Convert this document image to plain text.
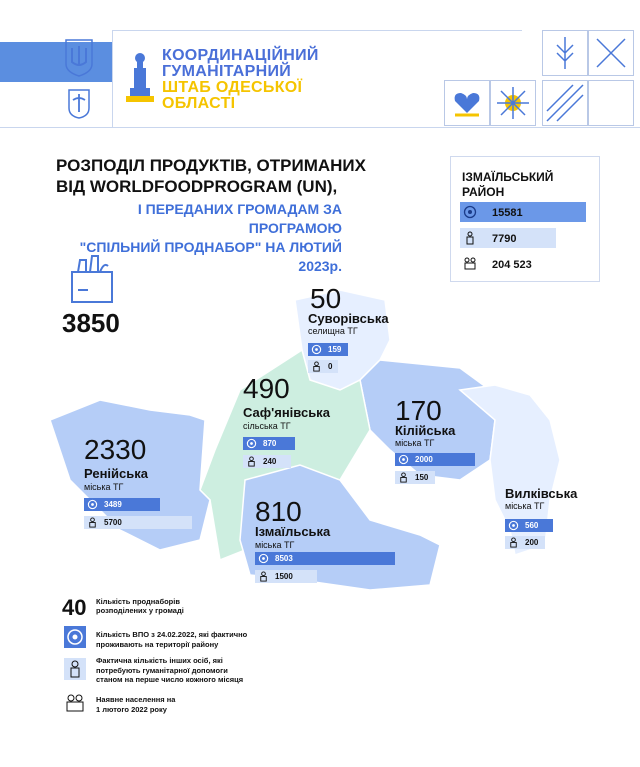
КООРДИНАЦІЙНИЙ
ГУМАНІТАРНИЙ
ШТАБ ОДЕСЬКОЇ
ОБЛАСТІ
РОЗПОДІЛ ПРОДУКТІВ, ОТРИМАНИХ
ВІД WORLDFOODPROGRAM (UN),
І ПЕРЕДАНИХ ГРОМАДАМ ЗА ПРОГРАМОЮ
"СПІЛЬНИЙ ПРОДНАБОР" НА ЛЮТИЙ 2023р.
3850
ІЗМАЇЛЬСЬКИЙ
РАЙОН
15581
7790
204 523
50
Суворівська
селищна ТГ
159
0
490
Саф'янівська
сільська ТГ
870
240
170
Кілійська
міська ТГ
2000
150
2330
Ренійська
міська ТГ
3489
5700	810
Ізмаїльська
міська ТГ
8503
1500
Вилківська
міська ТГ
560
200
40 Кількість проднаборів
розподілених у громаді
Кількість ВПО з 24.02.2022, які фактично
проживають на території району
Фактична кількість інших осіб, які
потребують гуманітарної допомоги
станом на перше число кожного місяця
Наявне населення на
1 лютого 2022 року
